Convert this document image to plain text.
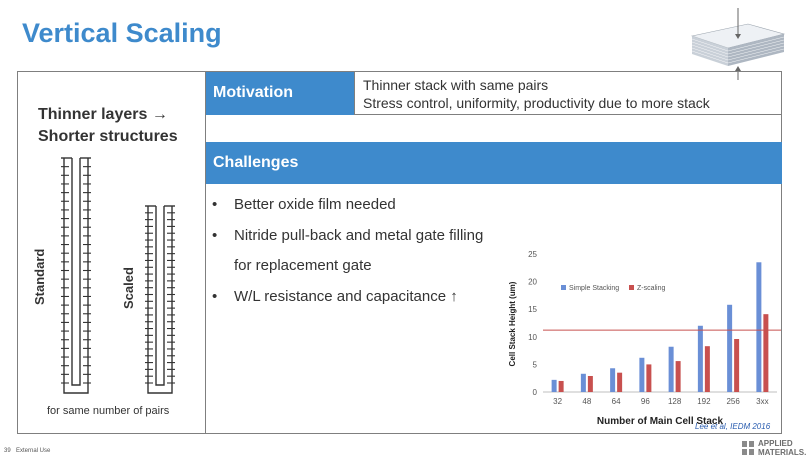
Vertical Scaling
Thinner layers →
Shorter structures
Standard	Scaled
for same number of pairs
Motivation	Thinner stack with same pairs
Stress control, uniformity, productivity due to more stack
Challenges
• Better oxide film needed
• Nitride pull-back and metal gate filling
for replacement gate
• W/L resistance and capacitance ↑
0
5
10
15
20
25
32	48	64	96 128 192 256 3xx
Simple Stacking	Z-scaling
Number of Main Cell Stack
Cell Stack Height (um)
Lee et al, IEDM 2016
39 External Use
APPLIED
MATERIALS.
